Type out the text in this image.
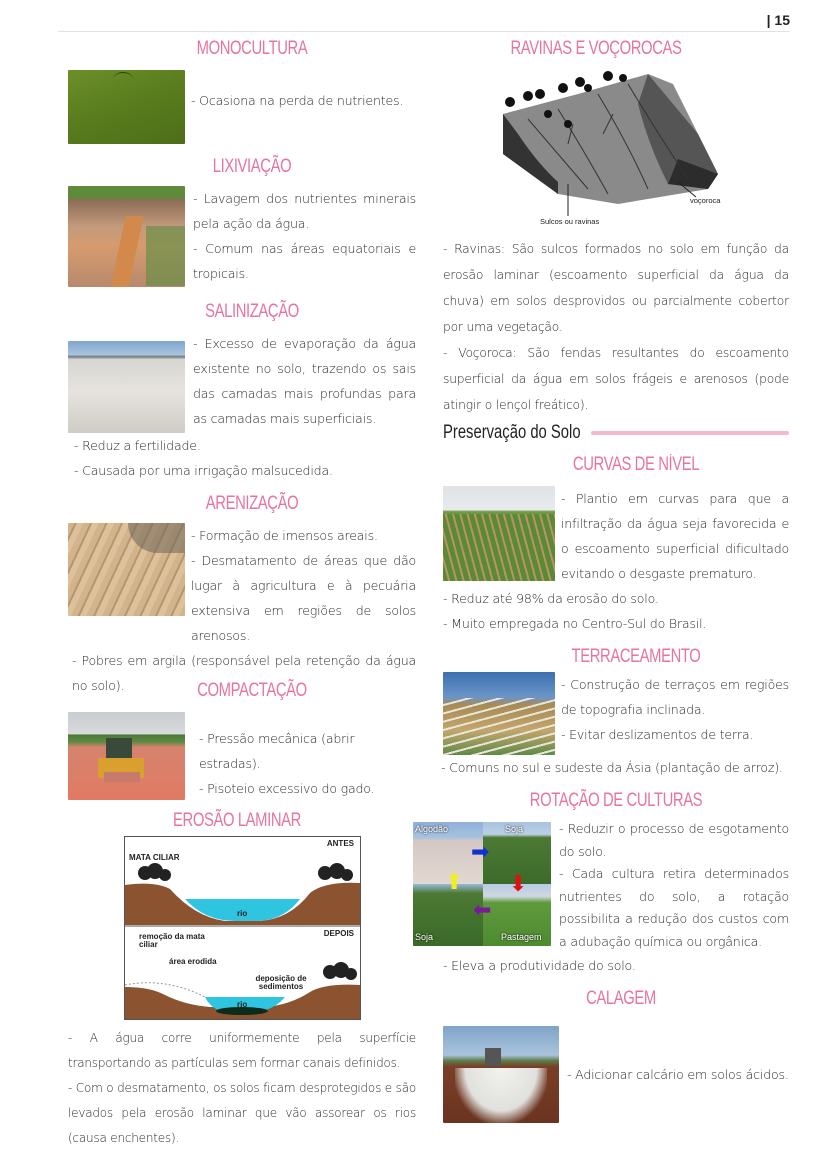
| 15
MONOCULTURA

- Ocasiona na perda de nutrientes.

LIXIVIAÇÃO

- Lavagem dos nutrientes minerais pela ação da água.

- Comum nas áreas equatoriais e tropicais.

SALINIZAÇÃO

- Excesso de evaporação da água existente no solo, trazendo os sais das camadas mais profundas para as camadas mais superficiais.

- Reduz a fertilidade.

- Causada por uma irrigação malsucedida.

ARENIZAÇÃO

- Formação de imensos areais.

- Desmatamento de áreas que dão lugar à agricultura e à pecuária extensiva em regiões de solos arenosos.

- Pobres em argila (responsável pela retenção da água no solo).	COMPACTAÇÃO

- Pressão mecânica (abrir estradas).

- Pisoteio excessivo do gado.

EROSÃO LAMINAR
ANTES
MATA CILIAR
rio
DEPOIS
remoção da mata ciliar
área erodida
deposição de sedimentos
rio

- A água corre uniformemente pela superfície transportando as partículas sem formar canais definidos.

- Com o desmatamento, os solos ficam desprotegidos e são levados pela erosão laminar que vão assorear os rios (causa enchentes).

RAVINAS E VOÇOROCAS
Sulcos ou ravinas
voçoroca

- Ravinas: São sulcos formados no solo em função da erosão laminar (escoamento superficial da água da chuva) em solos desprovidos ou parcialmente cobertor por uma vegetação.

- Voçoroca: São fendas resultantes do escoamento superficial da água em solos frágeis e arenosos (pode atingir o lençol freático).

Preservação do Solo
CURVAS DE NÍVEL

- Plantio em curvas para que a infiltração da água seja favorecida e o escoamento superficial dificultado evitando o desgaste prematuro.

- Reduz até 98% da erosão do solo.

- Muito empregada no Centro-Sul do Brasil.

TERRACEAMENTO

- Construção de terraços em regiões de topografia inclinada.

- Evitar deslizamentos de terra.

- Comuns no sul e sudeste da Ásia (plantação de arroz).

ROTAÇÃO DE CULTURAS
➡
⬇
⬅
⬆
Algodão	Soja
Soja	Pastagem

- Reduzir o processo de esgotamento do solo.

- Cada cultura retira determinados nutrientes do solo, a rotação possibilita a redução dos custos com a adubação química ou orgânica.

- Eleva a produtividade do solo.

CALAGEM

- Adicionar calcário em solos ácidos.
